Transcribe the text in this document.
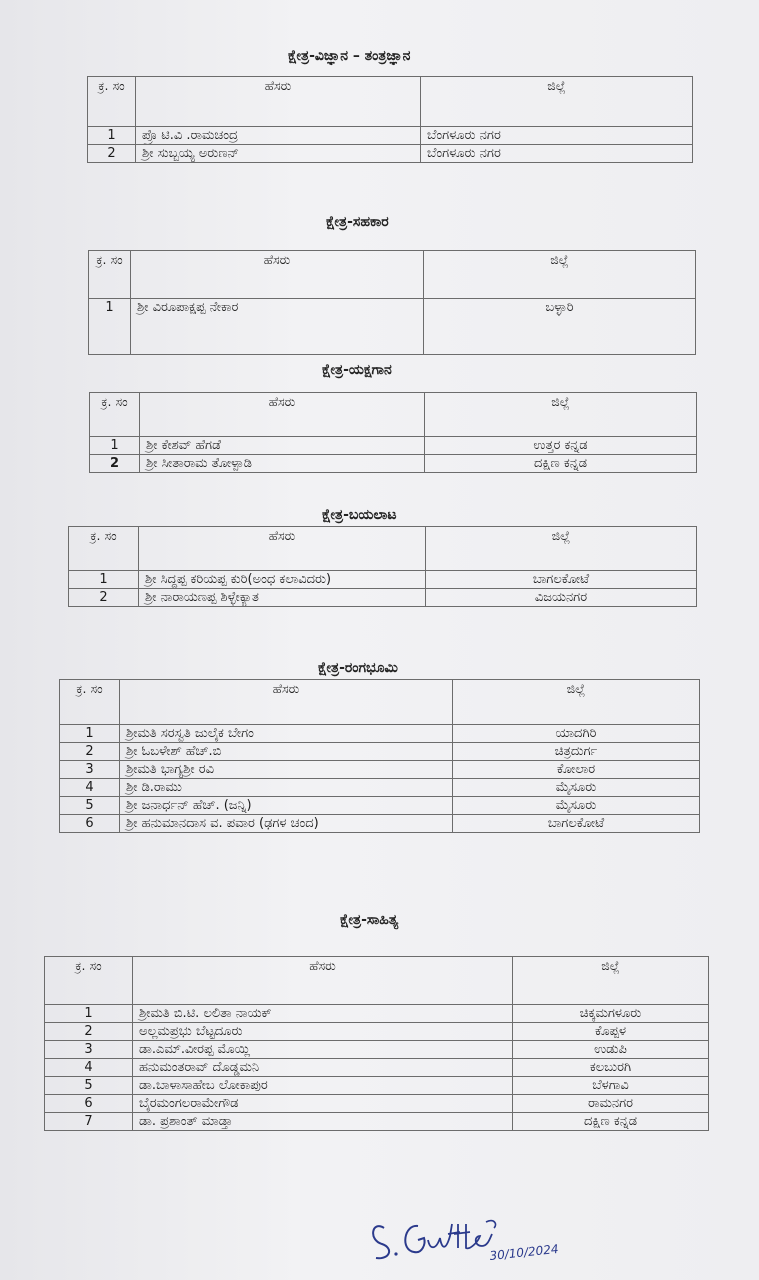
ಕ್ಷೇತ್ರ-ವಿಜ್ಞಾನ – ತಂತ್ರಜ್ಞಾನ
ಕ್ರ. ಸಂ	ಹೆಸರು	ಜಿಲ್ಲೆ
1	ಪ್ರೊ ಟಿ.ವಿ .ರಾಮಚಂದ್ರ	ಬೆಂಗಳೂರು ನಗರ
2	ಶ್ರೀ ಸುಬ್ಬಯ್ಯ ಅರುಣನ್	ಬೆಂಗಳೂರು ನಗರ
ಕ್ಷೇತ್ರ-ಸಹಕಾರ
ಕ್ರ. ಸಂ	ಹೆಸರು	ಜಿಲ್ಲೆ
1	ಶ್ರೀ ವಿರೂಪಾಕ್ಷಪ್ಪ ನೇಕಾರ	ಬಳ್ಳಾರಿ
ಕ್ಷೇತ್ರ-ಯಕ್ಷಗಾನ
ಕ್ರ. ಸಂ	ಹೆಸರು	ಜಿಲ್ಲೆ
1	ಶ್ರೀ ಕೇಶವ್ ಹೆಗಡೆ	ಉತ್ತರ ಕನ್ನಡ
2	ಶ್ರೀ ಸೀತಾರಾಮ ತೋಳ್ಪಾಡಿ	ದಕ್ಷಿಣ ಕನ್ನಡ
ಕ್ಷೇತ್ರ-ಬಯಲಾಟ
ಕ್ರ. ಸಂ	ಹೆಸರು	ಜಿಲ್ಲೆ
1	ಶ್ರೀ ಸಿದ್ದಪ್ಪ ಕರಿಯಪ್ಪ ಕುರಿ(ಅಂಧ ಕಲಾವಿದರು)	ಬಾಗಲಕೋಟೆ
2	ಶ್ರೀ ನಾರಾಯಣಪ್ಪ ಶಿಳ್ಳೇಕ್ಯಾತ	ವಿಜಯನಗರ
ಕ್ಷೇತ್ರ-ರಂಗಭೂಮಿ
ಕ್ರ. ಸಂ	ಹೆಸರು	ಜಿಲ್ಲೆ
1	ಶ್ರೀಮತಿ ಸರಸ್ವತಿ ಜುಲೈಕ ಬೇಗಂ	ಯಾದಗಿರಿ
2	ಶ್ರೀ ಓಬಳೇಶ್ ಹೆಚ್.ಬಿ	ಚಿತ್ರದುರ್ಗ
3	ಶ್ರೀಮತಿ ಭಾಗ್ಯಶ್ರೀ ರವಿ	ಕೋಲಾರ
4	ಶ್ರೀ ಡಿ.ರಾಮು	ಮೈಸೂರು
5	ಶ್ರೀ ಜನಾರ್ಧನ್ ಹೆಚ್. (ಜನ್ನಿ)	ಮೈಸೂರು
6	ಶ್ರೀ ಹನುಮಾನದಾಸ ವ. ಪವಾರ (ಢಗಳ ಚಂದ)	ಬಾಗಲಕೋಟೆ
ಕ್ಷೇತ್ರ-ಸಾಹಿತ್ಯ
ಕ್ರ. ಸಂ	ಹೆಸರು	ಜಿಲ್ಲೆ
1	ಶ್ರೀಮತಿ ಬಿ.ಟಿ. ಲಲಿತಾ ನಾಯಕ್	ಚಿಕ್ಕಮಗಳೂರು
2	ಅಲ್ಲಮಪ್ರಭು ಬೆಟ್ಟದೂರು	ಕೊಪ್ಪಳ
3	ಡಾ.ಎಮ್.ವೀರಪ್ಪ ಮೊಯ್ಲಿ	ಉಡುಪಿ
4	ಹನುಮಂತರಾವ್ ದೊಡ್ಡಮನಿ	ಕಲಬುರಗಿ
5	ಡಾ.ಬಾಳಾಸಾಹೇಬ ಲೋಕಾಪುರ	ಬೆಳಗಾವಿ
6	ಬೈರಮಂಗಲರಾಮೇಗೌಡ	ರಾಮನಗರ
7	ಡಾ. ಪ್ರಶಾಂತ್ ಮಾಡ್ತಾ	ದಕ್ಷಿಣ ಕನ್ನಡ
30/10/2024
